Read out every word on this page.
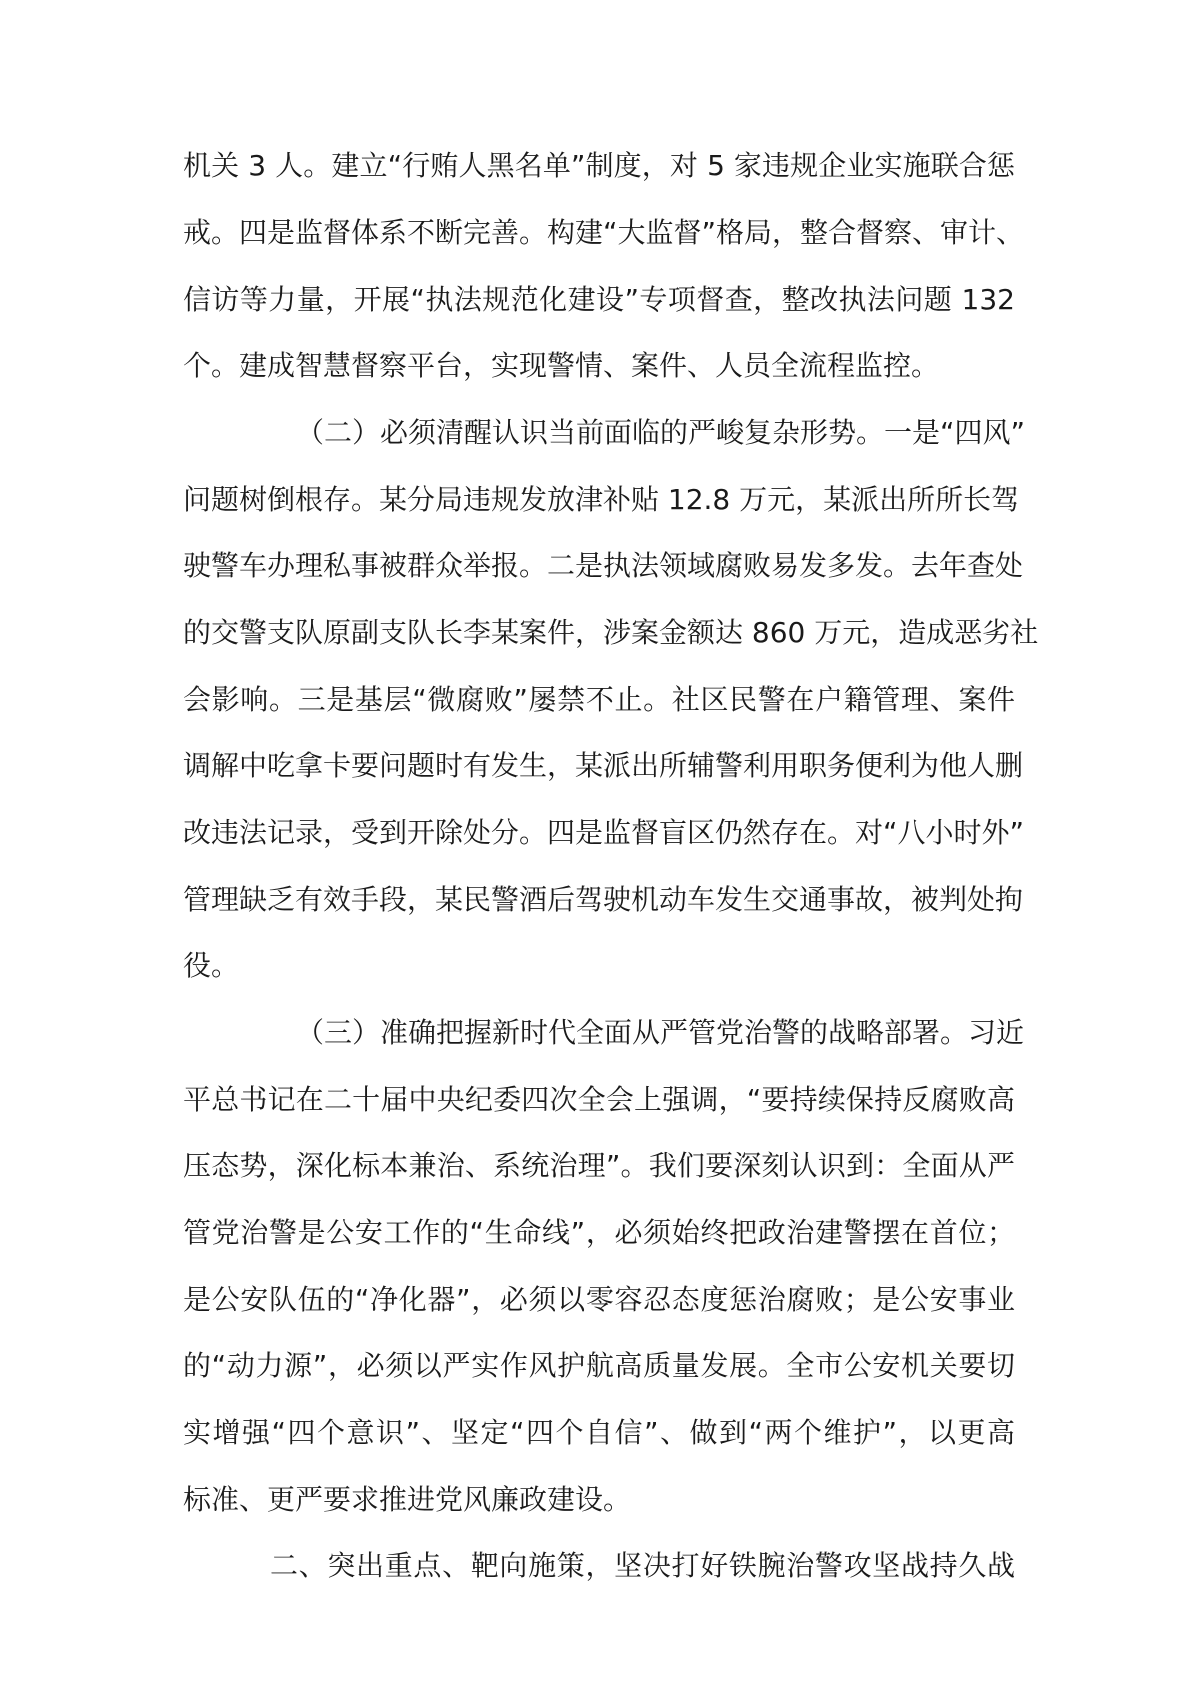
机关 3 人。建立“行贿人黑名单”制度，对 5 家违规企业实施联合惩

戒。四是监督体系不断完善。构建“大监督”格局，整合督察、审计、

信访等力量，开展“执法规范化建设”专项督查，整改执法问题 132

个。建成智慧督察平台，实现警情、案件、人员全流程监控。

（二）必须清醒认识当前面临的严峻复杂形势。一是“四风”

问题树倒根存。某分局违规发放津补贴 12.8 万元，某派出所所长驾

驶警车办理私事被群众举报。二是执法领域腐败易发多发。去年查处

的交警支队原副支队长李某案件，涉案金额达 860 万元，造成恶劣社

会影响。三是基层“微腐败”屡禁不止。社区民警在户籍管理、案件

调解中吃拿卡要问题时有发生，某派出所辅警利用职务便利为他人删

改违法记录，受到开除处分。四是监督盲区仍然存在。对“八小时外”

管理缺乏有效手段，某民警酒后驾驶机动车发生交通事故，被判处拘

役。

（三）准确把握新时代全面从严管党治警的战略部署。习近

平总书记在二十届中央纪委四次全会上强调，“要持续保持反腐败高

压态势，深化标本兼治、系统治理”。我们要深刻认识到：全面从严

管党治警是公安工作的“生命线”，必须始终把政治建警摆在首位；

是公安队伍的“净化器”，必须以零容忍态度惩治腐败；是公安事业

的“动力源”，必须以严实作风护航高质量发展。全市公安机关要切

实增强“四个意识”、坚定“四个自信”、做到“两个维护”，以更高

标准、更严要求推进党风廉政建设。

二、突出重点、靶向施策，坚决打好铁腕治警攻坚战持久战
